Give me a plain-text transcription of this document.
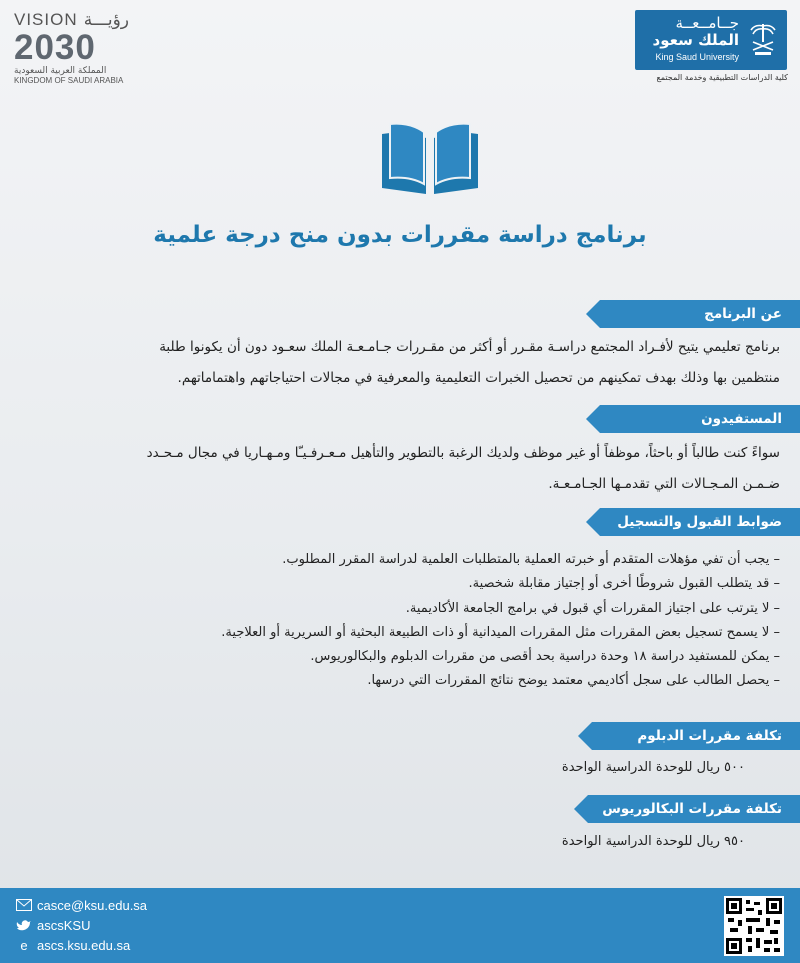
VISION رؤيـــة
2030
المملكة العربية السعودية
KINGDOM OF SAUDI ARABIA
جــامــعــة
الملك سعود
King Saud University
كلية الدراسات التطبيقية وخدمة المجتمع
برنامج دراسة مقررات بدون منح درجة علمية
عن البرنامج

برنامج تعليمي يتيح لأفـراد المجتمع دراسـة مقـرر أو أكثر من مقـررات جـامـعـة الملك سعـود دون أن يكونوا طلبة

منتظمين بها وذلك بهدف تمكينهم من تحصيل الخبرات التعليمية والمعرفية في مجالات احتياجاتهم واهتماماتهم.

المستفيدون

سواءً كنت طالباً أو باحثاً، موظفاً أو غير موظف ولديك الرغبة بالتطوير والتأهيل مـعـرفـيـّا ومـهـاريا في مجال مـحـدد

ضـمـن المـجـالات التي تقدمـها الجـامـعـة.

ضوابط القبول والتسجيل
– يجب أن تفي مؤهلات المتقدم أو خبرته العملية بالمتطلبات العلمية لدراسة المقرر المطلوب.
– قد يتطلب القبول شروطًا أخرى أو إجتياز مقابلة شخصية.
– لا يترتب على اجتياز المقررات أي قبول في برامج الجامعة الأكاديمية.
– لا يسمح تسجيل بعض المقررات مثل المقررات الميدانية أو ذات الطبيعة البحثية أو السريرية أو العلاجية.
– يمكن للمستفيد دراسة ١٨ وحدة دراسية بحد أقصى من مقررات الدبلوم والبكالوريوس.
– يحصل الطالب على سجل أكاديمي معتمد يوضح نتائج المقررات التي درسها.
تكلفة مقررات الدبلوم
٥٠٠ ريال للوحدة الدراسية الواحدة
تكلفة مقررات البكالوريوس
٩٥٠ ريال للوحدة الدراسية الواحدة
casce@ksu.edu.sa
ascsKSU
e ascs.ksu.edu.sa
